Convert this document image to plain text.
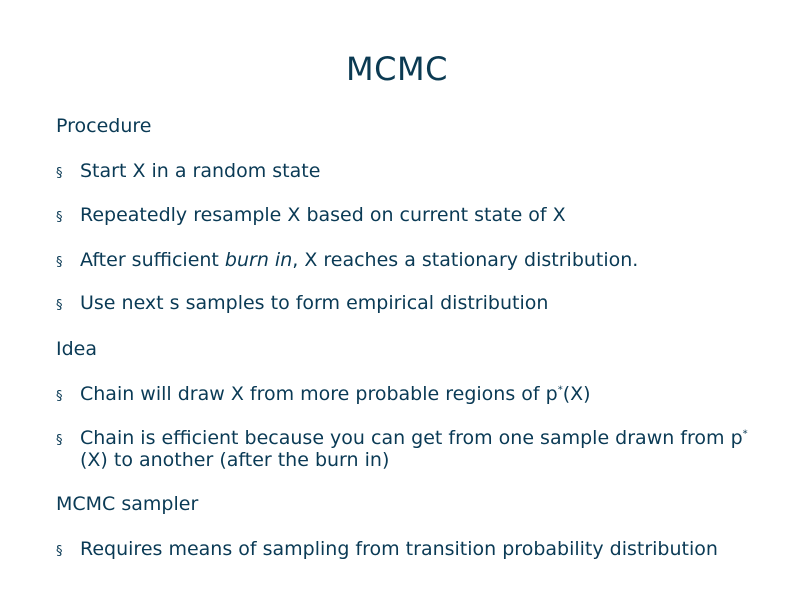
MCMC
Procedure
§ Start X in a random state
§ Repeatedly resample X based on current state of X
§ After sufficient burn in, X reaches a stationary distribution.
§ Use next s samples to form empirical distribution
Idea
§ Chain will draw X from more probable regions of p*(X)
§ Chain is efficient because you can get from one sample drawn from p*(X) to another (after the burn in)
MCMC sampler
§ Requires means of sampling from transition probability distribution
